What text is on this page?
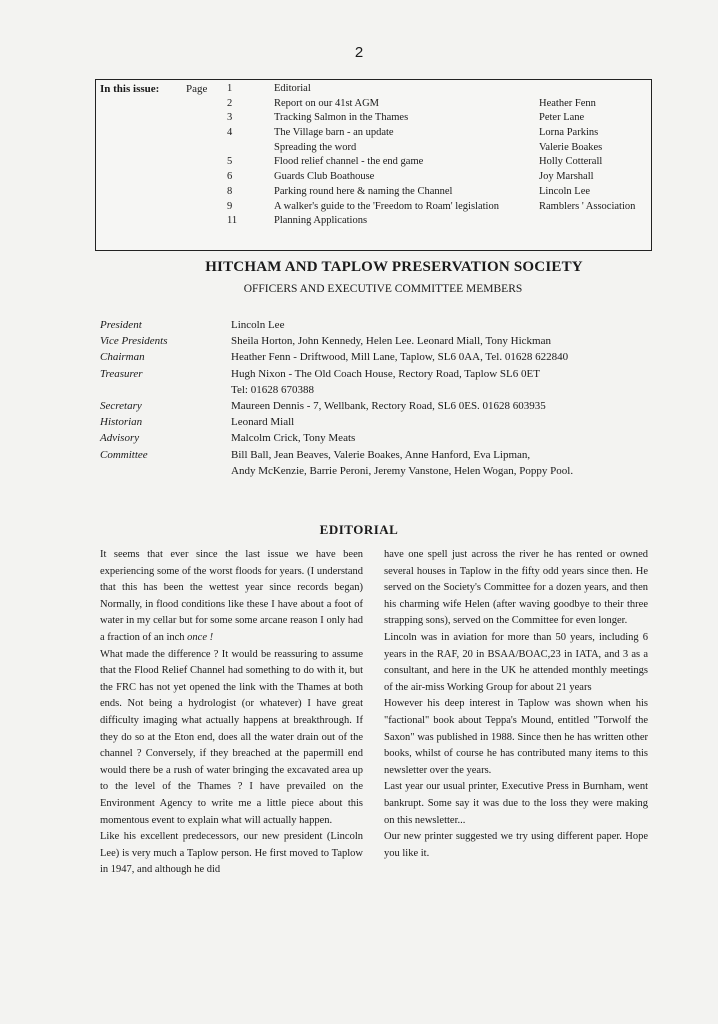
2
In this issue: Page 1	Editorial
2	Report on our 41st AGM	Heather Fenn
3	Tracking Salmon in the Thames	Peter Lane
4	The Village barn - an update	Lorna Parkins
Spreading the word	Valerie Boakes
5	Flood relief channel - the end game	Holly Cotterall
6	Guards Club Boathouse	Joy Marshall
8	Parking round here & naming the Channel	Lincoln Lee
9	A walker's guide to the 'Freedom to Roam' legislation	Ramblers ' Association
11	Planning Applications
HITCHAM AND TAPLOW PRESERVATION SOCIETY
OFFICERS AND EXECUTIVE COMMITTEE MEMBERS
President	Lincoln Lee
Vice Presidents	Sheila Horton, John Kennedy, Helen Lee. Leonard Miall, Tony Hickman
Chairman	Heather Fenn - Driftwood, Mill Lane, Taplow, SL6 0AA, Tel. 01628 622840
Treasurer	Hugh Nixon - The Old Coach House, Rectory Road, Taplow SL6 0ET
Tel: 01628 670388
Secretary	Maureen Dennis - 7, Wellbank, Rectory Road, SL6 0ES. 01628 603935
Historian	Leonard Miall
Advisory	Malcolm Crick, Tony Meats
Committee	Bill Ball, Jean Beaves, Valerie Boakes, Anne Hanford, Eva Lipman,
Andy McKenzie, Barrie Peroni, Jeremy Vanstone, Helen Wogan, Poppy Pool.
EDITORIAL

It seems that ever since the last issue we have been experiencing some of the worst floods for years. (I understand that this has been the wettest year since records began) Normally, in flood conditions like these I have about a foot of water in my cellar but for some some arcane reason I only had a fraction of an inch once !

What made the difference ? It would be reassuring to assume that the Flood Relief Channel had something to do with it, but the FRC has not yet opened the link with the Thames at both ends. Not being a hydrologist (or whatever) I have great difficulty imaging what actually happens at breakthrough. If they do so at the Eton end, does all the water drain out of the channel ? Conversely, if they breached at the papermill end would there be a rush of water bringing the excavated area up to the level of the Thames ? I have prevailed on the Environment Agency to write me a little piece about this momentous event to explain what will actually happen.

Like his excellent predecessors, our new president (Lincoln Lee) is very much a Taplow person. He first moved to Taplow in 1947, and although he did

have one spell just across the river he has rented or owned several houses in Taplow in the fifty odd years since then. He served on the Society's Committee for a dozen years, and then his charming wife Helen (after waving goodbye to their three strapping sons), served on the Committee for even longer.

Lincoln was in aviation for more than 50 years, including 6 years in the RAF, 20 in BSAA/BOAC,23 in IATA, and 3 as a consultant, and here in the UK he attended monthly meetings of the air-miss Working Group for about 21 years

However his deep interest in Taplow was shown when his "factional" book about Teppa's Mound, entitled "Torwolf the Saxon" was published in 1988. Since then he has written other books, whilst of course he has contributed many items to this newsletter over the years.

Last year our usual printer, Executive Press in Burnham, went bankrupt. Some say it was due to the loss they were making on this newsletter...

Our new printer suggested we try using different paper. Hope you like it.
